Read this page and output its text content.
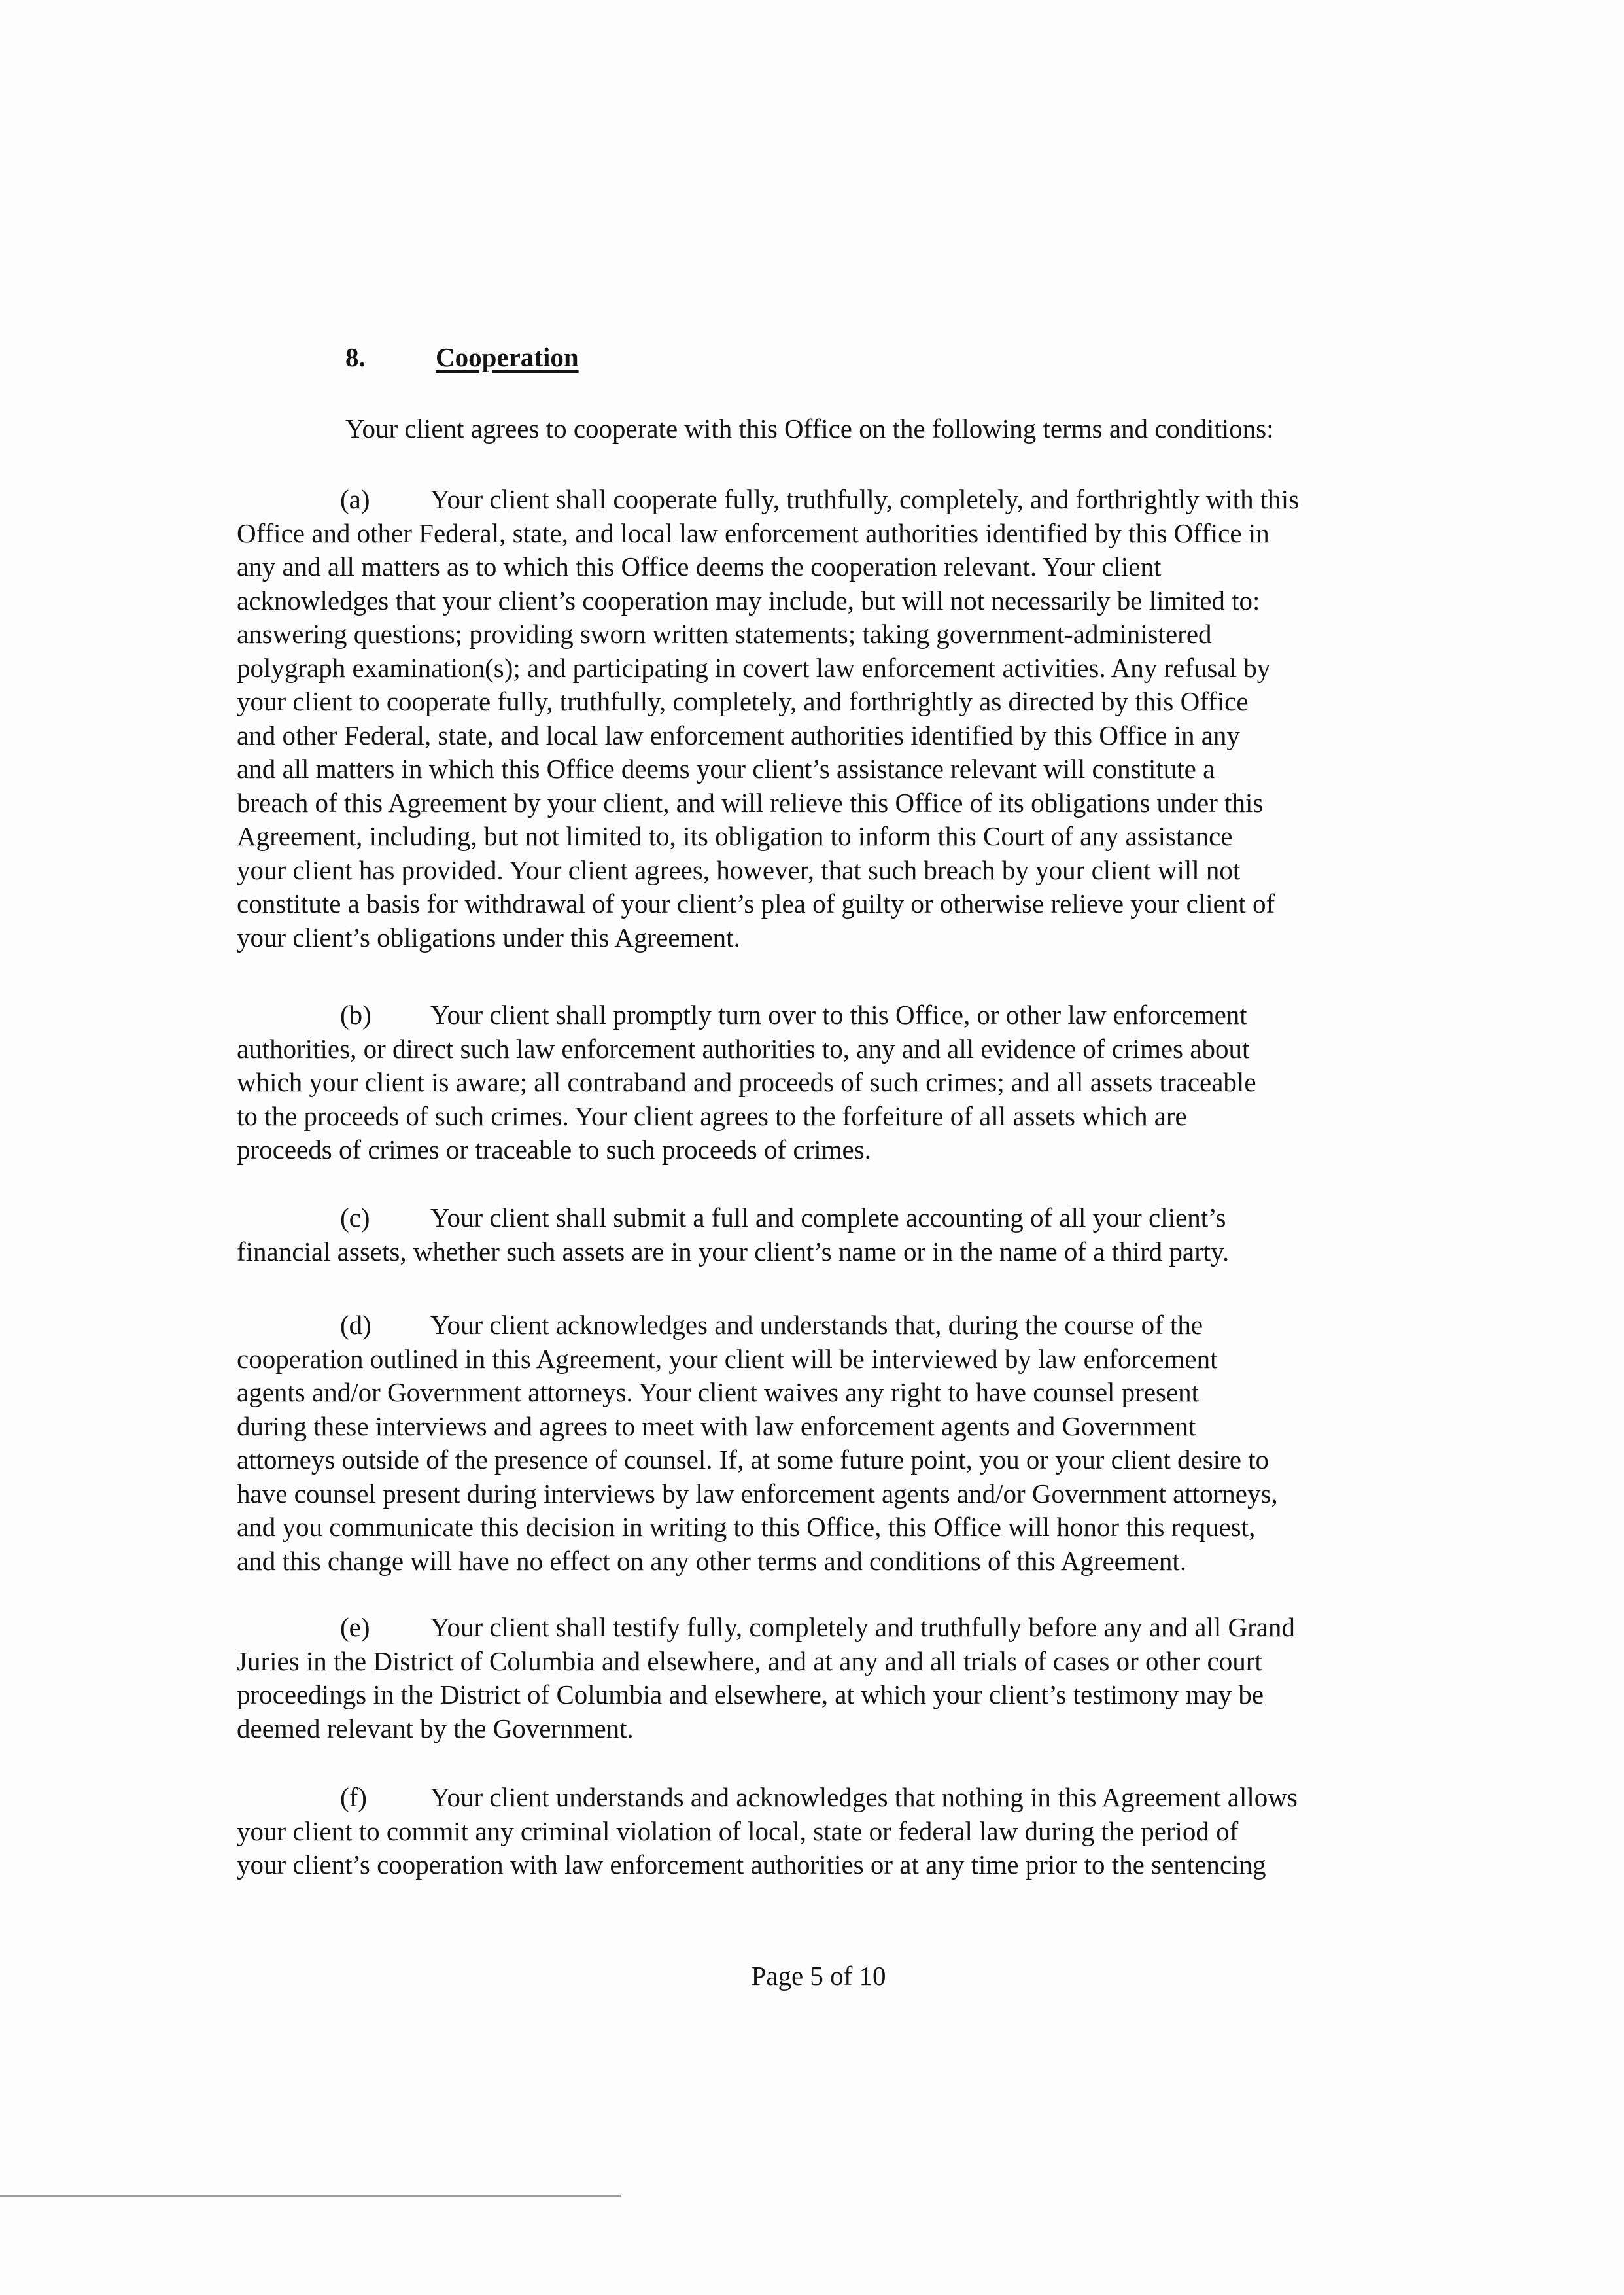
8.	Cooperation
Your client agrees to cooperate with this Office on the following terms and conditions:
(a) Your client shall cooperate fully, truthfully, completely, and forthrightly with this
Office and other Federal, state, and local law enforcement authorities identified by this Office in
any and all matters as to which this Office deems the cooperation relevant. Your client
acknowledges that your client’s cooperation may include, but will not necessarily be limited to:
answering questions; providing sworn written statements; taking government-administered
polygraph examination(s); and participating in covert law enforcement activities. Any refusal by
your client to cooperate fully, truthfully, completely, and forthrightly as directed by this Office
and other Federal, state, and local law enforcement authorities identified by this Office in any
and all matters in which this Office deems your client’s assistance relevant will constitute a
breach of this Agreement by your client, and will relieve this Office of its obligations under this
Agreement, including, but not limited to, its obligation to inform this Court of any assistance
your client has provided. Your client agrees, however, that such breach by your client will not
constitute a basis for withdrawal of your client’s plea of guilty or otherwise relieve your client of
your client’s obligations under this Agreement.
(b) Your client shall promptly turn over to this Office, or other law enforcement
authorities, or direct such law enforcement authorities to, any and all evidence of crimes about
which your client is aware; all contraband and proceeds of such crimes; and all assets traceable
to the proceeds of such crimes. Your client agrees to the forfeiture of all assets which are
proceeds of crimes or traceable to such proceeds of crimes.
(c) Your client shall submit a full and complete accounting of all your client’s
financial assets, whether such assets are in your client’s name or in the name of a third party.
(d) Your client acknowledges and understands that, during the course of the
cooperation outlined in this Agreement, your client will be interviewed by law enforcement
agents and/or Government attorneys. Your client waives any right to have counsel present
during these interviews and agrees to meet with law enforcement agents and Government
attorneys outside of the presence of counsel. If, at some future point, you or your client desire to
have counsel present during interviews by law enforcement agents and/or Government attorneys,
and you communicate this decision in writing to this Office, this Office will honor this request,
and this change will have no effect on any other terms and conditions of this Agreement.
(e) Your client shall testify fully, completely and truthfully before any and all Grand
Juries in the District of Columbia and elsewhere, and at any and all trials of cases or other court
proceedings in the District of Columbia and elsewhere, at which your client’s testimony may be
deemed relevant by the Government.
(f) Your client understands and acknowledges that nothing in this Agreement allows
your client to commit any criminal violation of local, state or federal law during the period of
your client’s cooperation with law enforcement authorities or at any time prior to the sentencing
Page 5 of 10
